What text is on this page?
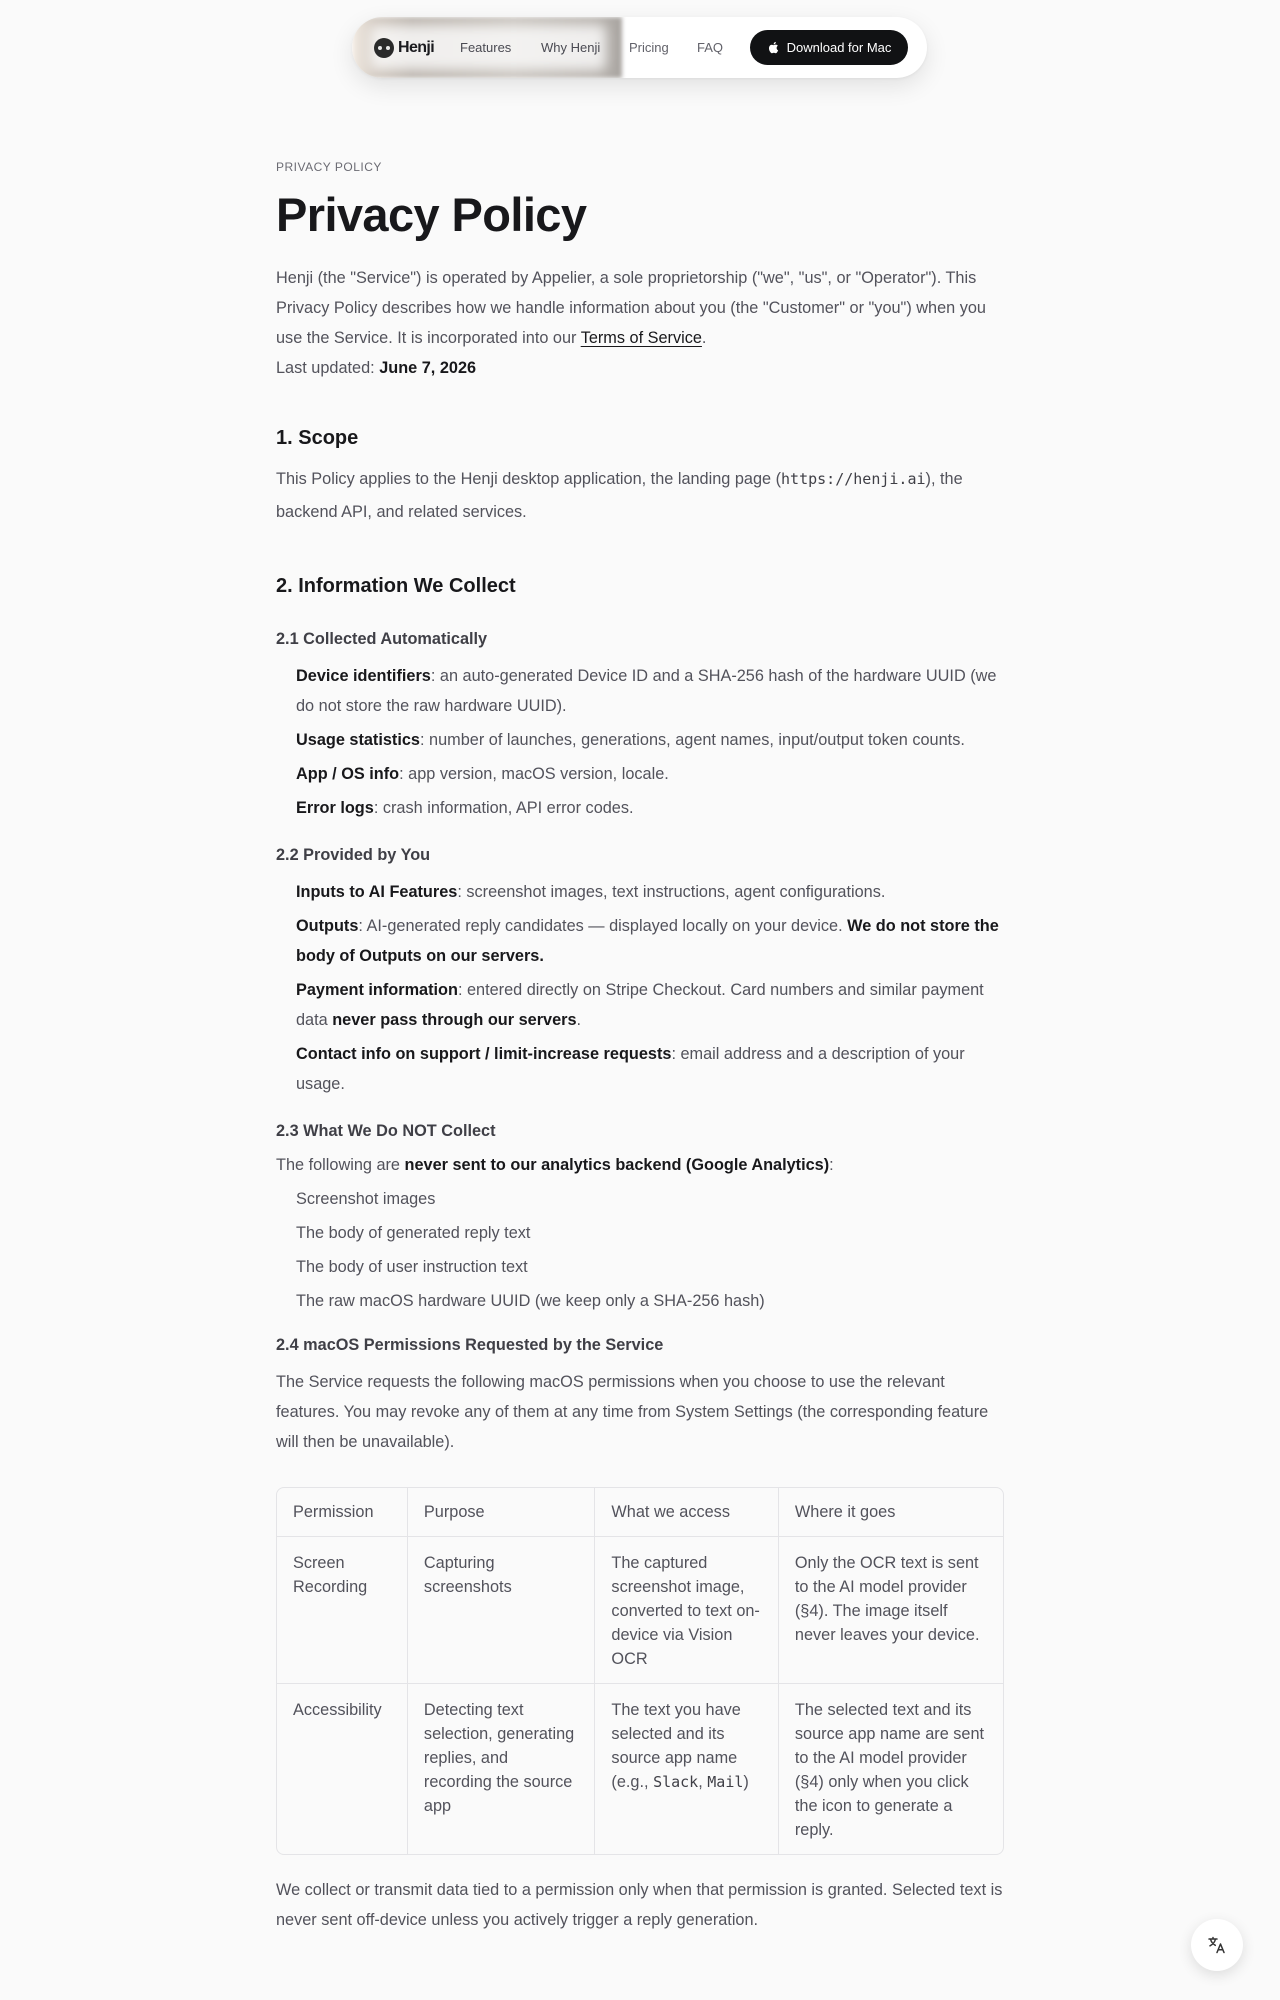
Henji Features Why Henji Pricing FAQ	Download for Mac
PRIVACY POLICY
Privacy Policy

Henji (the "Service") is operated by Appelier, a sole proprietorship ("we", "us", or "Operator"). This Privacy Policy describes how we handle information about you (the "Customer" or "you") when you use the Service. It is incorporated into our Terms of Service.

Last updated: June 7, 2026

1. Scope

This Policy applies to the Henji desktop application, the landing page (https://henji.ai), the backend API, and related services.

2. Information We Collect
2.1 Collected Automatically
Device identifiers: an auto-generated Device ID and a SHA-256 hash of the hardware UUID (we do not store the raw hardware UUID).
Usage statistics: number of launches, generations, agent names, input/output token counts.
App / OS info: app version, macOS version, locale.
Error logs: crash information, API error codes.
2.2 Provided by You
Inputs to AI Features: screenshot images, text instructions, agent configurations.
Outputs: AI-generated reply candidates — displayed locally on your device. We do not store the body of Outputs on our servers.
Payment information: entered directly on Stripe Checkout. Card numbers and similar payment data never pass through our servers.
Contact info on support / limit-increase requests: email address and a description of your usage.
2.3 What We Do NOT Collect

The following are never sent to our analytics backend (Google Analytics):

Screenshot images
The body of generated reply text
The body of user instruction text
The raw macOS hardware UUID (we keep only a SHA-256 hash)
2.4 macOS Permissions Requested by the Service

The Service requests the following macOS permissions when you choose to use the relevant features. You may revoke any of them at any time from System Settings (the corresponding feature will then be unavailable).

Permission	Purpose	What we access	Where it goes
Screen Recording	Capturing screenshots	The captured screenshot image, converted to text on-device via Vision OCR	Only the OCR text is sent to the AI model provider (§4). The image itself never leaves your device.
Accessibility	Detecting text selection, generating replies, and recording the source app	The text you have selected and its source app name (e.g., Slack, Mail)	The selected text and its source app name are sent to the AI model provider (§4) only when you click the icon to generate a reply.

We collect or transmit data tied to a permission only when that permission is granted. Selected text is never sent off-device unless you actively trigger a reply generation.
